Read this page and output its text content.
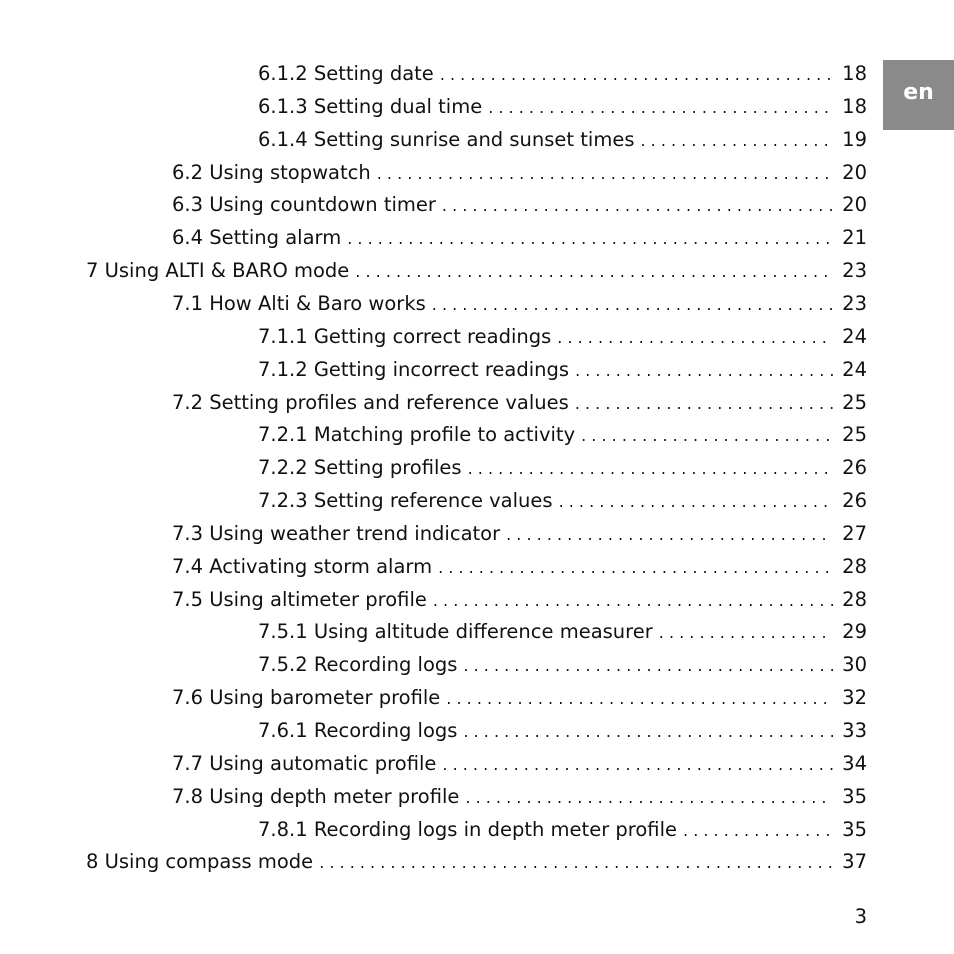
en
6.1.2 Setting date . . .	18
6.1.3 Setting dual time . . .	18
6.1.4 Setting sunrise and sunset times . . .	19
6.2 Using stopwatch . . .	20
6.3 Using countdown timer . . .	20
6.4 Setting alarm . . .	21
7 Using ALTI & BARO mode . . .	23
7.1 How Alti & Baro works . . .	23
7.1.1 Getting correct readings . . .	24
7.1.2 Getting incorrect readings . . .	24
7.2 Setting profiles and reference values . . .	25
7.2.1 Matching profile to activity . . .	25
7.2.2 Setting profiles . . .	26
7.2.3 Setting reference values . . .	26
7.3 Using weather trend indicator . . .	27
7.4 Activating storm alarm . . .	28
7.5 Using altimeter profile . . .	28
7.5.1 Using altitude difference measurer . . .	29
7.5.2 Recording logs . . .	30
7.6 Using barometer profile . . .	32
7.6.1 Recording logs . . .	33
7.7 Using automatic profile . . .	34
7.8 Using depth meter profile . . .	35
7.8.1 Recording logs in depth meter profile . . .	35
8 Using compass mode . . .	37
3
